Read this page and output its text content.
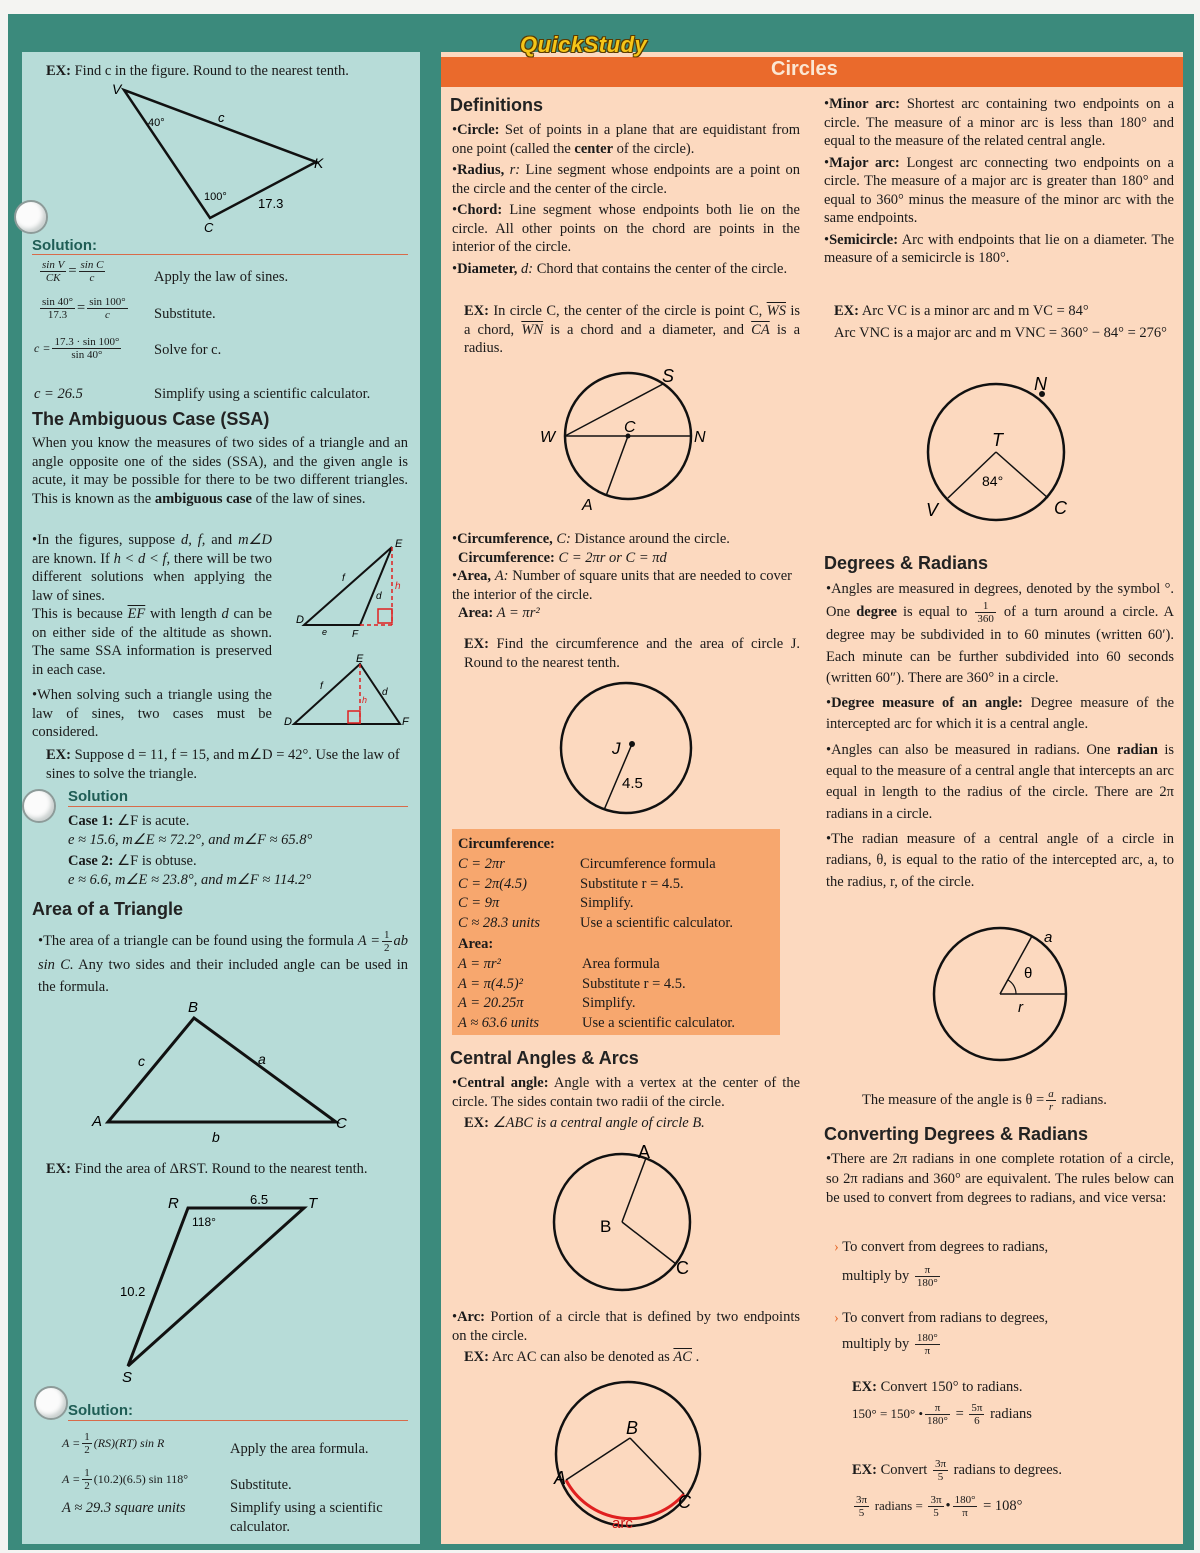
QuickStudy
Circles
EX: Find c in the figure. Round to the nearest tenth.
V
K
C
c
40°
100° 17.3
Solution:
$\frac{\text{sin V}}{CK} = \frac{\text{sin C}}{c}$	Apply the law of sines.
$\frac{\sin 40^\circ}{17.3} = \frac{\sin 100^\circ}{c}$ Substitute.
$c = \frac{17.3 \cdot \sin 100^\circ}{\sin 40^\circ}$ Solve for c.
c = 26.5	Simplify using a scientific calculator.
The Ambiguous Case (SSA)
When you know the measures of two sides of a triangle and an angle opposite one of the sides (SSA), and the given angle is acute, it may be possible for there to be two different triangles. This is known as the ambiguous case of the law of sines.
•In the figures, suppose d, f, and m∠D are known. If h < d < f, there will be two different solutions when applying the law of sines.
This is because $\overline{EF}$ with length d can be on either side of the altitude as shown. The same SSA information is preserved in each case.
•When solving such a triangle using the law of sines, two cases must be considered.
E
D
F
h
f
d
e
E
D	F
f
d
h
EX: Suppose d = 11, f = 15, and m∠D = 42°. Use the law of sines to solve the triangle.
Solution
Case 1: ∠F is acute.
e ≈ 15.6, m∠E ≈ 72.2°, and m∠F ≈ 65.8°
Case 2: ∠F is obtuse.
e ≈ 6.6, m∠E ≈ 23.8°, and m∠F ≈ 114.2°
Area of a Triangle
•The area of a triangle can be found using the formula $A = \frac{1}{2}$ ab sin C. Any two sides and their included angle can be used in the formula.
B
A	C
c	a
b
EX: Find the area of ΔRST. Round to the nearest tenth.
R	T
S
118°
6.5
10.2
Solution:
$A = \frac{1}{2} (RS)(RT)$ sin R	Apply the area formula.
$A = \frac{1}{2} (10.2)(6.5)$ sin 118°	Substitute.
A ≈ 29.3 square units	Simplify using a scientific calculator.
Definitions
•Circle: Set of points in a plane that are equidistant from one point (called the center of the circle).
•Radius, r: Line segment whose endpoints are a point on the circle and the center of the circle.
•Chord: Line segment whose endpoints both lie on the circle. All other points on the chord are points in the interior of the circle.
•Diameter, d: Chord that contains the center of the circle.
EX: In circle C, the center of the circle is point C, $\overline{WS}$ is a chord, $\overline{WN}$ is a chord and a diameter, and $\overline{CA}$ is a radius.
S
C
W	N
A
•Circumference, C: Distance around the circle.
Circumference: C = 2πr or C = πd
•Area, A: Number of square units that are needed to cover the interior of the circle.
Area: A = πr²
EX: Find the circumference and the area of circle J. Round to the nearest tenth.
J
4.5
Circumference:
C = 2πr	Circumference formula
C = 2π(4.5)	Substitute r = 4.5.
C = 9π	Simplify.
C ≈ 28.3 units	Use a scientific calculator.
Area:
A = πr²	Area formula
A = π(4.5)²	Substitute r = 4.5.
A = 20.25π	Simplify.
A ≈ 63.6 units	Use a scientific calculator.
Central Angles & Arcs
•Central angle: Angle with a vertex at the center of the circle. The sides contain two radii of the circle.
EX: ∠ABC is a central angle of circle B.
A
B
C
•Arc: Portion of a circle that is defined by two endpoints on the circle.
EX: Arc AC can also be denoted as $\overline{AC}$ .
B
A
C
arc
•Minor arc: Shortest arc containing two endpoints on a circle. The measure of a minor arc is less than 180° and equal to the measure of the related central angle.
•Major arc: Longest arc connecting two endpoints on a circle. The measure of a major arc is greater than 180° and equal to 360° minus the measure of the minor arc with the same endpoints.
•Semicircle: Arc with endpoints that lie on a diameter. The measure of a semicircle is 180°.
EX: Arc VC is a minor arc and m VC = 84°
Arc VNC is a major arc and m VNC = 360° − 84° = 276°
N
T
V	C
84°
Degrees & Radians
•Angles are measured in degrees, denoted by the symbol °. One degree is equal to $\frac{1}{360}$ of a turn around a circle. A degree may be subdivided in to 60 minutes (written 60′). Each minute can be further subdivided into 60 seconds (written 60″). There are 360° in a circle.
•Degree measure of an angle: Degree measure of the intercepted arc for which it is a central angle.
•Angles can also be measured in radians. One radian is equal to the measure of a central angle that intercepts an arc equal in length to the radius of the circle. There are 2π radians in a circle.
•The radian measure of a central angle of a circle in radians, θ, is equal to the ratio of the intercepted arc, a, to the radius, r, of the circle.
a
θ
r
The measure of the angle is $\theta = \frac{a}{r}$ radians.
Converting Degrees & Radians
•There are 2π radians in one complete rotation of a circle, so 2π radians and 360° are equivalent. The rules below can be used to convert from degrees to radians, and vice versa:
› To convert from degrees to radians,
multiply by $\frac{\pi}{180^\circ}$
› To convert from radians to degrees,
multiply by $\frac{180^\circ}{\pi}$
EX: Convert 150° to radians.
150° = 150° • $\frac{\pi}{180^\circ} = \frac{5\pi}{6}$ radians
EX: Convert $\frac{3\pi}{5}$ radians to degrees.
$\frac{3\pi}{5}$ radians = $\frac{3\pi}{5}$ • $\frac{180^\circ}{\pi} = 108^\circ$
